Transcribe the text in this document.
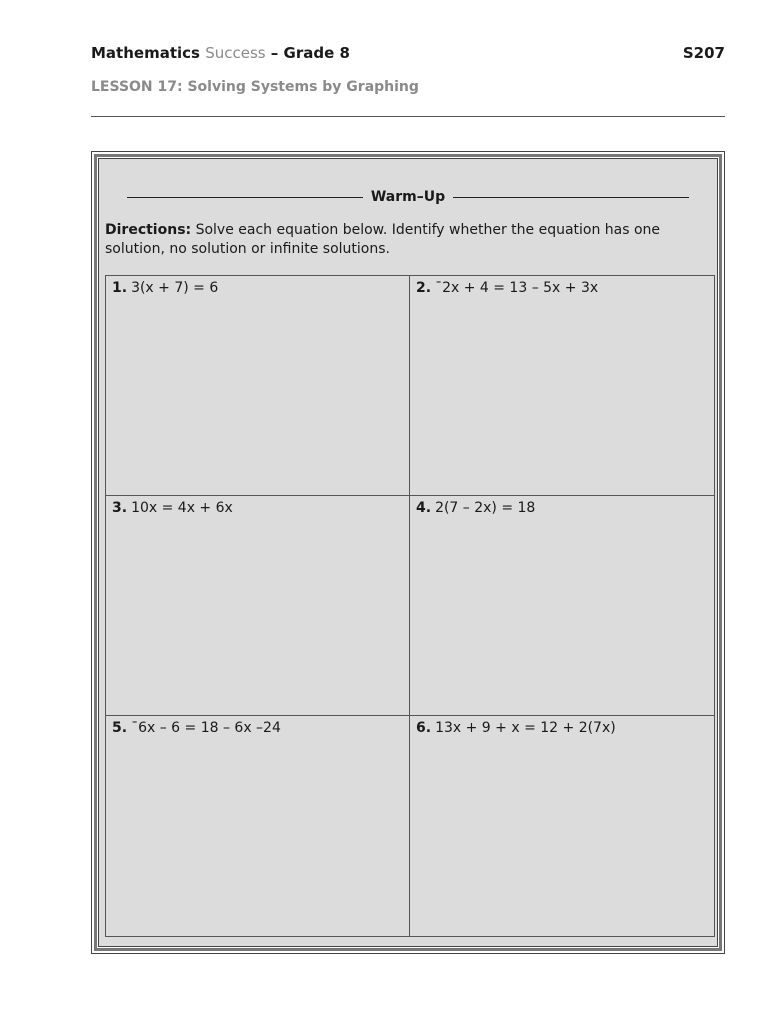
Mathematics Success – Grade 8	S207
LESSON 17: Solving Systems by Graphing
Warm–Up
Directions: Solve each equation below. Identify whether the equation has one solution, no solution or infinite solutions.
1. 3(x + 7) = 6	2. ¯2x + 4 = 13 – 5x + 3x
3. 10x = 4x + 6x	4. 2(7 – 2x) = 18
5. ¯6x – 6 = 18 – 6x –24	6. 13x + 9 + x = 12 + 2(7x)
